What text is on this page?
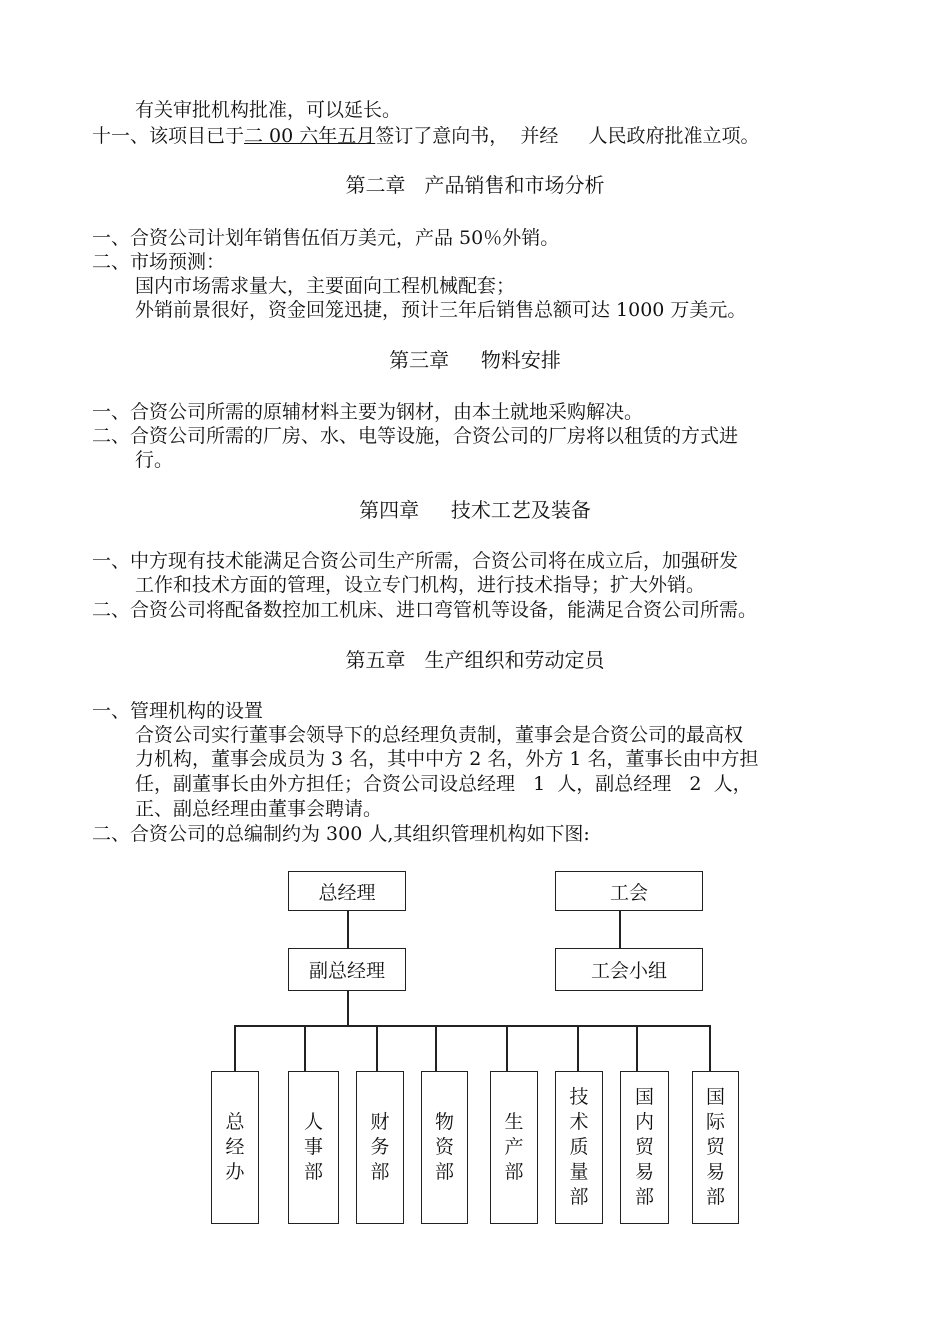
有关审批机构批准，可以延长。
十一、该项目已于二 00 六年五月签订了意向书，  并经     人民政府批准立项。
第二章   产品销售和市场分析
一、合资公司计划年销售伍佰万美元，产品 50％外销。
二、市场预测：
国内市场需求量大，主要面向工程机械配套；
外销前景很好，资金回笼迅捷，预计三年后销售总额可达 1000 万美元。
第三章     物料安排
一、合资公司所需的原辅材料主要为钢材，由本土就地采购解决。
二、合资公司所需的厂房、水、电等设施，合资公司的厂房将以租赁的方式进
行。
第四章     技术工艺及装备
一、中方现有技术能满足合资公司生产所需，合资公司将在成立后，加强研发
工作和技术方面的管理，设立专门机构，进行技术指导；扩大外销。
二、合资公司将配备数控加工机床、进口弯管机等设备，能满足合资公司所需。
第五章   生产组织和劳动定员
一、管理机构的设置
合资公司实行董事会领导下的总经理负责制，董事会是合资公司的最高权
力机构，董事会成员为 3 名，其中中方 2 名，外方 1 名，董事长由中方担
任，副董事长由外方担任；合资公司设总经理   1  人，副总经理   2  人，
正、副总经理由董事会聘请。
二、合资公司的总编制约为 300 人,其组织管理机构如下图:
总经理	工会
副总经理	工会小组
总经办
人事部
财务部
物资部
生产部
技术质量部
国内贸易部
国际贸易部
